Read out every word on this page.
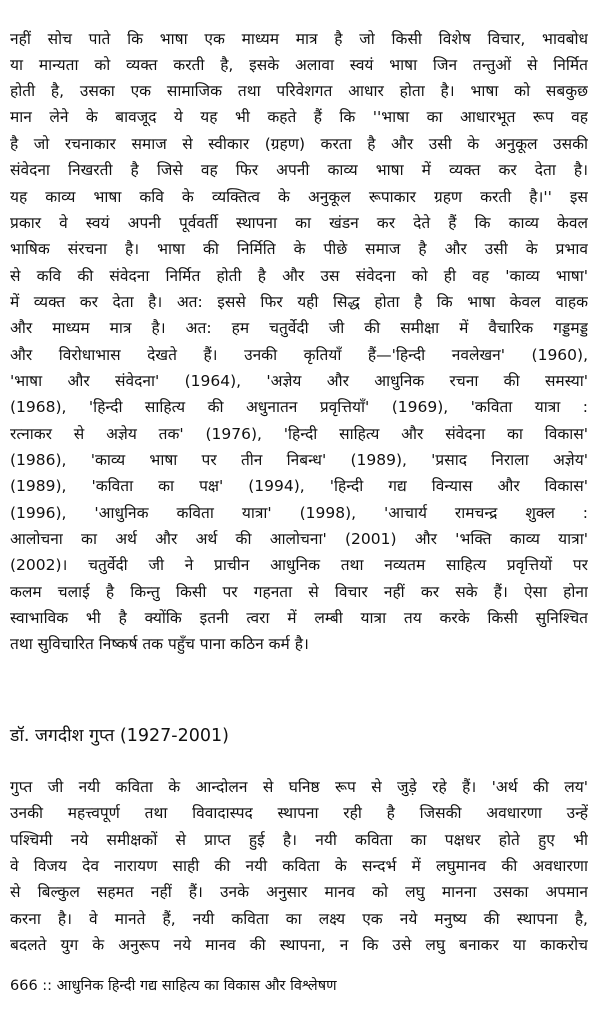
नहीं सोच पाते कि भाषा एक माध्यम मात्र है जो किसी विशेष विचार, भावबोध
या मान्यता को व्यक्त करती है, इसके अलावा स्वयं भाषा जिन तन्तुओं से निर्मित
होती है, उसका एक सामाजिक तथा परिवेशगत आधार होता है। भाषा को सबकुछ
मान लेने के बावजूद ये यह भी कहते हैं कि ''भाषा का आधारभूत रूप वह
है जो रचनाकार समाज से स्वीकार (ग्रहण) करता है और उसी के अनुकूल उसकी
संवेदना निखरती है जिसे वह फिर अपनी काव्य भाषा में व्यक्त कर देता है।
यह काव्य भाषा कवि के व्यक्तित्व के अनुकूल रूपाकार ग्रहण करती है।'' इस
प्रकार वे स्वयं अपनी पूर्ववर्ती स्थापना का खंडन कर देते हैं कि काव्य केवल
भाषिक संरचना है। भाषा की निर्मिति के पीछे समाज है और उसी के प्रभाव
से कवि की संवेदना निर्मित होती है और उस संवेदना को ही वह 'काव्य भाषा'
में व्यक्त कर देता है। अत: इससे फिर यही सिद्ध होता है कि भाषा केवल वाहक
और माध्यम मात्र है। अत: हम चतुर्वेदी जी की समीक्षा में वैचारिक गड्डमड्ड
और विरोधाभास देखते हैं। उनकी कृतियाँ हैं—'हिन्दी नवलेखन' (1960),
'भाषा और संवेदना' (1964), 'अज्ञेय और आधुनिक रचना की समस्या'
(1968), 'हिन्दी साहित्य की अधुनातन प्रवृत्तियाँ' (1969), 'कविता यात्रा :
रत्नाकर से अज्ञेय तक' (1976), 'हिन्दी साहित्य और संवेदना का विकास'
(1986), 'काव्य भाषा पर तीन निबन्ध' (1989), 'प्रसाद निराला अज्ञेय'
(1989), 'कविता का पक्ष' (1994), 'हिन्दी गद्य विन्यास और विकास'
(1996), 'आधुनिक कविता यात्रा' (1998), 'आचार्य रामचन्द्र शुक्ल :
आलोचना का अर्थ और अर्थ की आलोचना' (2001) और 'भक्ति काव्य यात्रा'
(2002)। चतुर्वेदी जी ने प्राचीन आधुनिक तथा नव्यतम साहित्य प्रवृत्तियों पर
कलम चलाई है किन्तु किसी पर गहनता से विचार नहीं कर सके हैं। ऐसा होना
स्वाभाविक भी है क्योंकि इतनी त्वरा में लम्बी यात्रा तय करके किसी सुनिश्चित
तथा सुविचारित निष्कर्ष तक पहुँच पाना कठिन कर्म है।
डॉ. जगदीश गुप्त (1927-2001)
गुप्त जी नयी कविता के आन्दोलन से घनिष्ठ रूप से जुड़े रहे हैं। 'अर्थ की लय'
उनकी महत्त्वपूर्ण तथा विवादास्पद स्थापना रही है जिसकी अवधारणा उन्हें
पश्चिमी नये समीक्षकों से प्राप्त हुई है। नयी कविता का पक्षधर होते हुए भी
वे विजय देव नारायण साही की नयी कविता के सन्दर्भ में लघुमानव की अवधारणा
से बिल्कुल सहमत नहीं हैं। उनके अनुसार मानव को लघु मानना उसका अपमान
करना है। वे मानते हैं, नयी कविता का लक्ष्य एक नये मनुष्य की स्थापना है,
बदलते युग के अनुरूप नये मानव की स्थापना, न कि उसे लघु बनाकर या काकरोच
666 :: आधुनिक हिन्दी गद्य साहित्य का विकास और विश्लेषण
